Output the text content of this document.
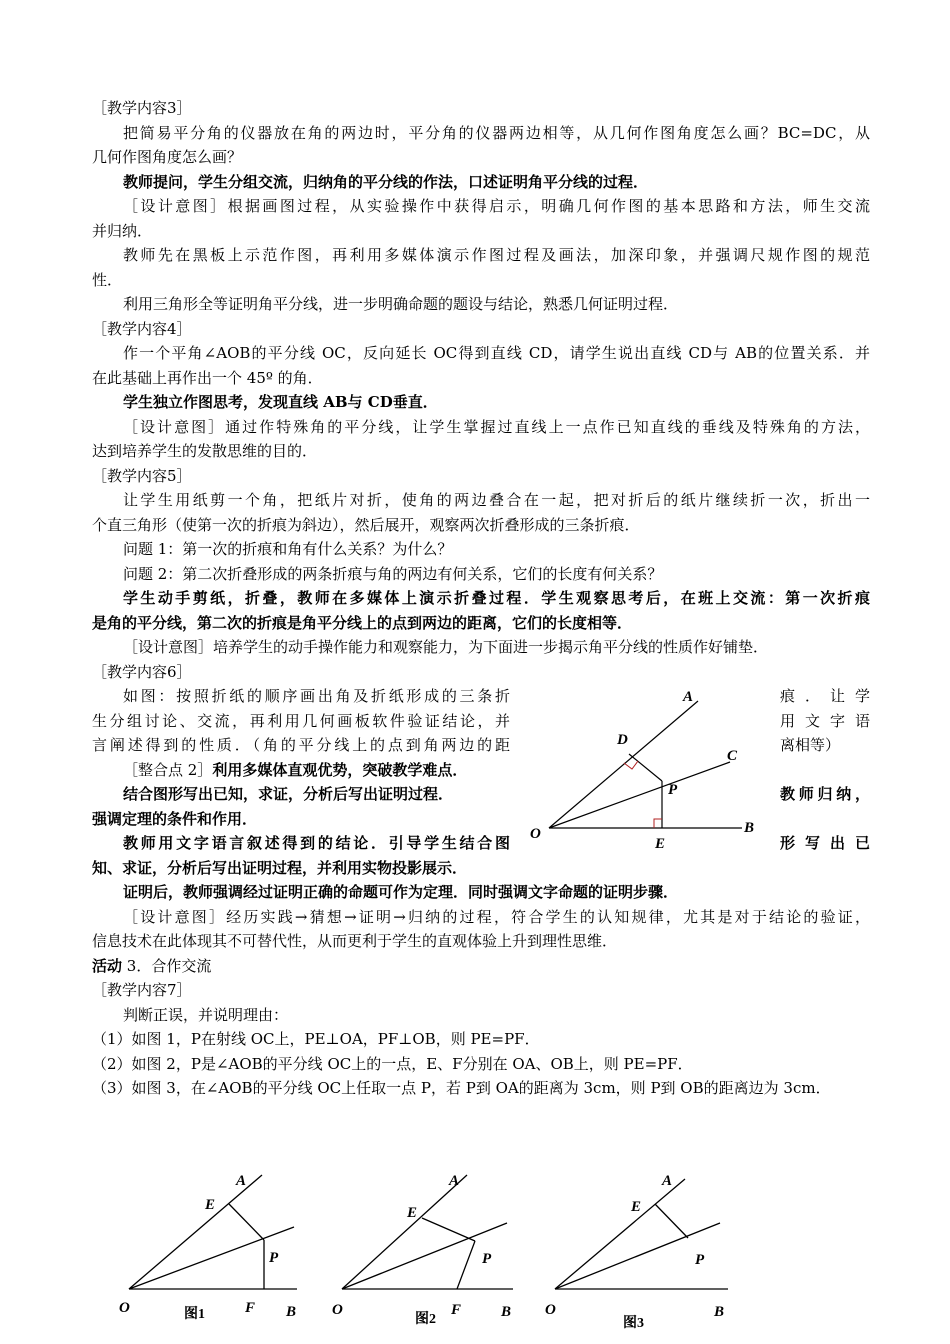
［教学内容3］
把简易平分角的仪器放在角的两边时，平分角的仪器两边相等，从几何作图角度怎么画？BC=DC，从
几何作图角度怎么画？
教师提问，学生分组交流，归纳角的平分线的作法，口述证明角平分线的过程．
［设计意图］根据画图过程，从实验操作中获得启示，明确几何作图的基本思路和方法，师生交流
并归纳．
教师先在黑板上示范作图，再利用多媒体演示作图过程及画法，加深印象，并强调尺规作图的规范
性．
利用三角形全等证明角平分线，进一步明确命题的题设与结论，熟悉几何证明过程．
［教学内容4］
作一个平角∠AOB的平分线 OC，反向延长 OC得到直线 CD，请学生说出直线 CD与 AB的位置关系．并
在此基础上再作出一个 45º 的角．
学生独立作图思考，发现直线 AB与 CD垂直．
［设计意图］通过作特殊角的平分线，让学生掌握过直线上一点作已知直线的垂线及特殊角的方法，
达到培养学生的发散思维的目的．
［教学内容5］
让学生用纸剪一个角，把纸片对折，使角的两边叠合在一起，把对折后的纸片继续折一次，折出一
个直三角形（使第一次的折痕为斜边），然后展开，观察两次折叠形成的三条折痕．
问题 1：第一次的折痕和角有什么关系？为什么？
问题 2：第二次折叠形成的两条折痕与角的两边有何关系，它们的长度有何关系？
学生动手剪纸，折叠，教师在多媒体上演示折叠过程．学生观察思考后，在班上交流：第一次折痕
是角的平分线，第二次的折痕是角平分线上的点到两边的距离，它们的长度相等．
［设计意图］培养学生的动手操作能力和观察能力，为下面进一步揭示角平分线的性质作好铺垫．
［教学内容6］
如图：按照折纸的顺序画出角及折纸形成的三条折
生分组讨论、交流，再利用几何画板软件验证结论，并
言阐述得到的性质．（角的平分线上的点到角两边的距
［整合点 2］利用多媒体直观优势，突破教学难点．
结合图形写出已知，求证，分析后写出证明过程．
强调定理的条件和作用．
教师用文字语言叙述得到的结论．引导学生结合图
知、求证，分析后写出证明过程，并利用实物投影展示．
痕．让学
用文字语
离相等）

教师归纳，

形写出已
A
C
D
P
O
E
B
证明后，教师强调经过证明正确的命题可作为定理．同时强调文字命题的证明步骤．
［设计意图］经历实践→猜想→证明→归纳的过程，符合学生的认知规律，尤其是对于结论的验证，
信息技术在此体现其不可替代性，从而更利于学生的直观体验上升到理性思维．
活动 3．合作交流
［教学内容7］
判断正误，并说明理由：
（1）如图 1，P在射线 OC上，PE⊥OA，PF⊥OB，则 PE=PF．
（2）如图 2，P是∠AOB的平分线 OC上的一点，E、F分别在 OA、OB上，则 PE=PF．
（3）如图 3，在∠AOB的平分线 OC上任取一点 P，若 P到 OA的距离为 3cm，则 P到 OB的距离边为 3cm．
A
E
P
O	F B
图1
A
E
P
O	F	B
图2
A
E
P
O	B
图3
